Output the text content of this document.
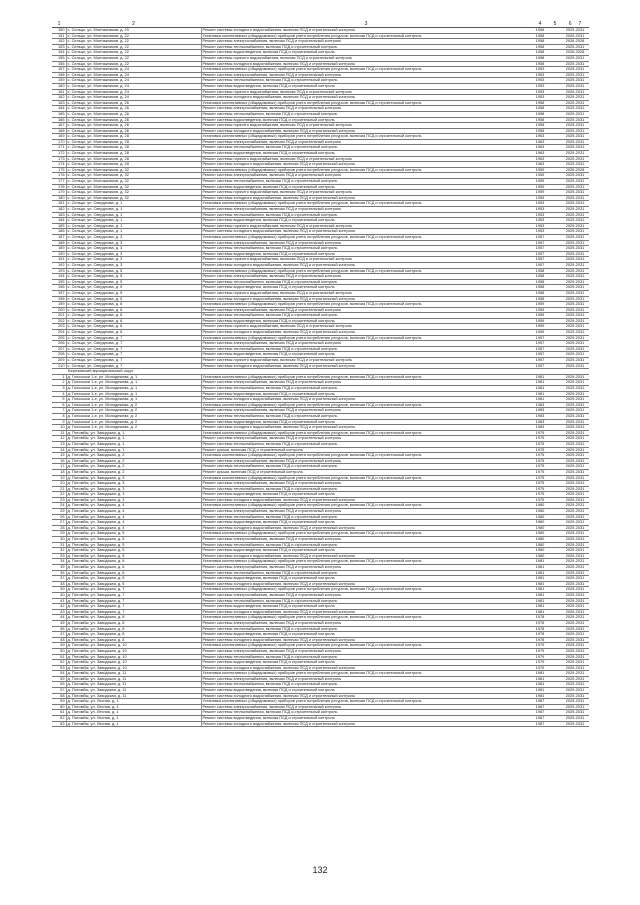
1	2	3	4	5	6 7
150	с. Сельцо, ул. Монтажников, д. 20	Ремонт системы холодного водоснабжения, включая ПСД и строительный контроль	1958		2029-2031
151	с. Сельцо, ул. Монтажников, д. 22	Установка коллективных (общедомовых) приборов учета потребления ресурсов, включая ПСД и строительный контроль	1958		2029-2031
152	с. Сельцо, ул. Монтажников, д. 22	Ремонт системы электроснабжения, включая ПСД и строительный контроль	1958		2026-2028
153	с. Сельцо, ул. Монтажников, д. 22	Ремонт системы теплоснабжения, включая ПСД и строительный контроль	1958		2029-2031
154	с. Сельцо, ул. Монтажников, д. 22	Ремонт системы водоотведения, включая ПСД и строительный контроль	1958		2026-2028
155	с. Сельцо, ул. Монтажников, д. 22	Ремонт системы горячего водоснабжения, включая ПСД и строительный контроль	1958		2029-2031
156	с. Сельцо, ул. Монтажников, д. 22	Ремонт системы холодного водоснабжения, включая ПСД и строительный контроль	1958		2029-2031
157	с. Сельцо, ул. Монтажников, д. 24	Установка коллективных (общедомовых) приборов учета потребления ресурсов, включая ПСД и строительный контроль	1953		2029-2031
158	с. Сельцо, ул. Монтажников, д. 24	Ремонт системы электроснабжения, включая ПСД и строительный контроль	1953		2029-2031
159	с. Сельцо, ул. Монтажников, д. 24	Ремонт системы теплоснабжения, включая ПСД и строительный контроль	1953		2029-2031
160	с. Сельцо, ул. Монтажников, д. 24	Ремонт системы водоотведения, включая ПСД и строительный контроль	1953		2029-2031
161	с. Сельцо, ул. Монтажников, д. 24	Ремонт системы горячего водоснабжения, включая ПСД и строительный контроль	1953		2029-2031
162	с. Сельцо, ул. Монтажников, д. 24	Ремонт системы холодного водоснабжения, включая ПСД и строительный контроль	1953		2029-2031
163	с. Сельцо, ул. Монтажников, д. 26	Установка коллективных (общедомовых) приборов учета потребления ресурсов, включая ПСД и строительный контроль	1958		2029-2031
164	с. Сельцо, ул. Монтажников, д. 26	Ремонт системы электроснабжения, включая ПСД и строительный контроль	1958		2029-2031
165	с. Сельцо, ул. Монтажников, д. 26	Ремонт системы теплоснабжения, включая ПСД и строительный контроль	1958		2029-2031
166	с. Сельцо, ул. Монтажников, д. 26	Ремонт системы водоотведения, включая ПСД и строительный контроль	1958		2029-2031
167	с. Сельцо, ул. Монтажников, д. 26	Ремонт системы горячего водоснабжения, включая ПСД и строительный контроль	1958		2029-2031
168	с. Сельцо, ул. Монтажников, д. 26	Ремонт системы холодного водоснабжения, включая ПСД и строительный контроль	1958		2029-2031
169	с. Сельцо, ул. Монтажников, д. 28	Установка коллективных (общедомовых) приборов учета потребления ресурсов, включая ПСД и строительный контроль	1963		2029-2031
170	с. Сельцо, ул. Монтажников, д. 28	Ремонт системы электроснабжения, включая ПСД и строительный контроль	1963		2029-2031
171	с. Сельцо, ул. Монтажников, д. 28	Ремонт системы теплоснабжения, включая ПСД и строительный контроль	1963		2029-2031
172	с. Сельцо, ул. Монтажников, д. 28	Ремонт системы водоотведения, включая ПСД и строительный контроль	1963		2029-2031
173	с. Сельцо, ул. Монтажников, д. 28	Ремонт системы горячего водоснабжения, включая ПСД и строительный контроль	1963		2029-2031
174	с. Сельцо, ул. Монтажников, д. 28	Ремонт системы холодного водоснабжения, включая ПСД и строительный контроль	1963		2029-2031
175	с. Сельцо, ул. Монтажников, д. 32	Установка коллективных (общедомовых) приборов учета потребления ресурсов, включая ПСД и строительный контроль	1959		2026-2028
176	с. Сельцо, ул. Монтажников, д. 32	Ремонт системы электроснабжения, включая ПСД и строительный контроль	1959		2029-2031
177	с. Сельцо, ул. Монтажников, д. 32	Ремонт системы теплоснабжения, включая ПСД и строительный контроль	1959		2029-2031
178	с. Сельцо, ул. Монтажников, д. 32	Ремонт системы водоотведения, включая ПСД и строительный контроль	1959		2029-2031
179	с. Сельцо, ул. Монтажников, д. 32	Ремонт системы горячего водоснабжения, включая ПСД и строительный контроль	1959		2029-2031
180	с. Сельцо, ул. Монтажников, д. 32	Ремонт системы холодного водоснабжения, включая ПСД и строительный контроль	1959		2029-2031
181	с. Сельцо, ул. Свердлова, д. 1	Установка коллективных (общедомовых) приборов учета потребления ресурсов, включая ПСД и строительный контроль	1953		2029-2031
182	с. Сельцо, ул. Свердлова, д. 1	Ремонт системы электроснабжения, включая ПСД и строительный контроль	1953		2029-2031
183	с. Сельцо, ул. Свердлова, д. 1	Ремонт системы теплоснабжения, включая ПСД и строительный контроль	1953		2029-2031
184	с. Сельцо, ул. Свердлова, д. 1	Ремонт системы водоотведения, включая ПСД и строительный контроль	1953		2029-2031
185	с. Сельцо, ул. Свердлова, д. 1	Ремонт системы горячего водоснабжения, включая ПСД и строительный контроль	1953		2029-2031
186	с. Сельцо, ул. Свердлова, д. 1	Ремонт системы холодного водоснабжения, включая ПСД и строительный контроль	1953		2029-2031
187	с. Сельцо, ул. Свердлова, д. 3	Установка коллективных (общедомовых) приборов учета потребления ресурсов, включая ПСД и строительный контроль	1957		2029-2031
188	с. Сельцо, ул. Свердлова, д. 3	Ремонт системы электроснабжения, включая ПСД и строительный контроль	1957		2029-2031
189	с. Сельцо, ул. Свердлова, д. 3	Ремонт системы теплоснабжения, включая ПСД и строительный контроль	1957		2029-2031
190	с. Сельцо, ул. Свердлова, д. 3	Ремонт системы водоотведения, включая ПСД и строительный контроль	1957		2029-2031
191	с. Сельцо, ул. Свердлова, д. 3	Ремонт системы горячего водоснабжения, включая ПСД и строительный контроль	1957		2029-2031
192	с. Сельцо, ул. Свердлова, д. 3	Ремонт системы холодного водоснабжения, включая ПСД и строительный контроль	1957		2029-2031
193	с. Сельцо, ул. Свердлова, д. 5	Установка коллективных (общедомовых) приборов учета потребления ресурсов, включая ПСД и строительный контроль	1958		2029-2031
194	с. Сельцо, ул. Свердлова, д. 5	Ремонт системы электроснабжения, включая ПСД и строительный контроль	1958		2029-2031
195	с. Сельцо, ул. Свердлова, д. 5	Ремонт системы теплоснабжения, включая ПСД и строительный контроль	1958		2029-2031
196	с. Сельцо, ул. Свердлова, д. 5	Ремонт системы водоотведения, включая ПСД и строительный контроль	1958		2029-2031
197	с. Сельцо, ул. Свердлова, д. 5	Ремонт системы горячего водоснабжения, включая ПСД и строительный контроль	1958		2029-2031
198	с. Сельцо, ул. Свердлова, д. 5	Ремонт системы холодного водоснабжения, включая ПСД и строительный контроль	1958		2029-2031
199	с. Сельцо, ул. Свердлова, д. 6	Установка коллективных (общедомовых) приборов учета потребления ресурсов, включая ПСД и строительный контроль	1959		2029-2031
200	с. Сельцо, ул. Свердлова, д. 6	Ремонт системы электроснабжения, включая ПСД и строительный контроль	1959		2029-2031
201	с. Сельцо, ул. Свердлова, д. 6	Ремонт системы теплоснабжения, включая ПСД и строительный контроль	1959		2029-2031
202	с. Сельцо, ул. Свердлова, д. 6	Ремонт системы водоотведения, включая ПСД и строительный контроль	1959		2029-2031
203	с. Сельцо, ул. Свердлова, д. 6	Ремонт системы горячего водоснабжения, включая ПСД и строительный контроль	1959		2029-2031
204	с. Сельцо, ул. Свердлова, д. 6	Ремонт системы холодного водоснабжения, включая ПСД и строительный контроль	1959		2029-2031
205	с. Сельцо, ул. Свердлова, д. 7	Установка коллективных (общедомовых) приборов учета потребления ресурсов, включая ПСД и строительный контроль	1957		2029-2031
206	с. Сельцо, ул. Свердлова, д. 7	Ремонт системы электроснабжения, включая ПСД и строительный контроль	1957		2029-2031
207	с. Сельцо, ул. Свердлова, д. 7	Ремонт системы теплоснабжения, включая ПСД и строительный контроль	1957		2029-2031
208	с. Сельцо, ул. Свердлова, д. 7	Ремонт системы водоотведения, включая ПСД и строительный контроль	1957		2029-2031
209	с. Сельцо, ул. Свердлова, д. 7	Ремонт системы горячего водоснабжения, включая ПСД и строительный контроль	1957		2029-2031
210	с. Сельцо, ул. Свердлова, д. 7	Ремонт системы холодного водоснабжения, включая ПСД и строительный контроль	1957		2029-2031
	Березовский муниципальный округ				
1	д. Голоскоки 1-е, ул. Молодежная, д. 1	Установка коллективных (общедомовых) приборов учета потребления ресурсов, включая ПСД и строительный контроль	1981		2029-2031
2	д. Голоскоки 1-е, ул. Молодежная, д. 1	Ремонт системы электроснабжения, включая ПСД и строительный контроль	1981		2029-2031
3	д. Голоскоки 1-е, ул. Молодежная, д. 1	Ремонт системы теплоснабжения, включая ПСД и строительный контроль	1981		2029-2031
4	д. Голоскоки 1-е, ул. Молодежная, д. 1	Ремонт системы водоотведения, включая ПСД и строительный контроль	1981		2029-2031
5	д. Голоскоки 1-е, ул. Молодежная, д. 1	Ремонт системы холодного водоснабжения, включая ПСД и строительный контроль	1981		2029-2031
6	д. Голоскоки 1-е, ул. Молодежная, д. 2	Установка коллективных (общедомовых) приборов учета потребления ресурсов, включая ПСД и строительный контроль	1983		2029-2031
7	д. Голоскоки 1-е, ул. Молодежная, д. 2	Ремонт системы электроснабжения, включая ПСД и строительный контроль	1983		2029-2031
8	д. Голоскоки 1-е, ул. Молодежная, д. 2	Ремонт системы теплоснабжения, включая ПСД и строительный контроль	1983		2029-2031
9	д. Голоскоки 1-е, ул. Молодежная, д. 2	Ремонт системы водоотведения, включая ПСД и строительный контроль	1983		2029-2031
10	д. Голоскоки 1-е, ул. Молодежная, д. 2	Ремонт системы холодного водоснабжения, включая ПСД и строительный контроль	1983		2029-2031
11	д. Потомбы, ул. Заводская, д. 1	Установка коллективных (общедомовых) приборов учета потребления ресурсов, включая ПСД и строительный контроль	1975		2029-2031
12	д. Потомбы, ул. Заводская, д. 1	Ремонт системы электроснабжения, включая ПСД и строительный контроль	1975		2029-2031
13	д. Потомбы, ул. Заводская, д. 1	Ремонт системы теплоснабжения, включая ПСД и строительный контроль	1975		2029-2031
14	д. Потомбы, ул. Заводская, д. 1	Ремонт крыши, включая ПСД и строительный контроль	1975		2029-2031
15	д. Потомбы, ул. Заводская, д. 2	Установка коллективных (общедомовых) приборов учета потребления ресурсов, включая ПСД и строительный контроль	1975		2029-2031
16	д. Потомбы, ул. Заводская, д. 2	Ремонт системы электроснабжения, включая ПСД и строительный контроль	1975		2029-2031
17	д. Потомбы, ул. Заводская, д. 2	Ремонт системы теплоснабжения, включая ПСД и строительный контроль	1975		2029-2031
18	д. Потомбы, ул. Заводская, д. 2	Ремонт крыши, включая ПСД и строительный контроль	1975		2029-2031
19	д. Потомбы, ул. Заводская, д. 3	Установка коллективных (общедомовых) приборов учета потребления ресурсов, включая ПСД и строительный контроль	1975		2029-2031
20	д. Потомбы, ул. Заводская, д. 3	Ремонт системы электроснабжения, включая ПСД и строительный контроль	1975		2029-2031
21	д. Потомбы, ул. Заводская, д. 3	Ремонт системы теплоснабжения, включая ПСД и строительный контроль	1975		2029-2031
22	д. Потомбы, ул. Заводская, д. 3	Ремонт системы водоотведения, включая ПСД и строительный контроль	1975		2029-2031
23	д. Потомбы, ул. Заводская, д. 3	Ремонт системы холодного водоснабжения, включая ПСД и строительный контроль	1975		2029-2031
24	д. Потомбы, ул. Заводская, д. 4	Установка коллективных (общедомовых) приборов учета потребления ресурсов, включая ПСД и строительный контроль	1980		2029-2031
25	д. Потомбы, ул. Заводская, д. 4	Ремонт системы электроснабжения, включая ПСД и строительный контроль	1980		2029-2031
26	д. Потомбы, ул. Заводская, д. 4	Ремонт системы теплоснабжения, включая ПСД и строительный контроль	1980		2029-2031
27	д. Потомбы, ул. Заводская, д. 4	Ремонт системы водоотведения, включая ПСД и строительный контроль	1980		2029-2031
28	д. Потомбы, ул. Заводская, д. 4	Ремонт системы холодного водоснабжения, включая ПСД и строительный контроль	1980		2029-2031
29	д. Потомбы, ул. Заводская, д. 5	Установка коллективных (общедомовых) приборов учета потребления ресурсов, включая ПСД и строительный контроль	1980		2029-2031
30	д. Потомбы, ул. Заводская, д. 5	Ремонт системы электроснабжения, включая ПСД и строительный контроль	1980		2029-2031
31	д. Потомбы, ул. Заводская, д. 5	Ремонт системы теплоснабжения, включая ПСД и строительный контроль	1980		2029-2031
32	д. Потомбы, ул. Заводская, д. 5	Ремонт системы водоотведения, включая ПСД и строительный контроль	1980		2029-2031
33	д. Потомбы, ул. Заводская, д. 5	Ремонт системы холодного водоснабжения, включая ПСД и строительный контроль	1980		2029-2031
34	д. Потомбы, ул. Заводская, д. 6	Установка коллективных (общедомовых) приборов учета потребления ресурсов, включая ПСД и строительный контроль	1981		2029-2031
35	д. Потомбы, ул. Заводская, д. 6	Ремонт системы электроснабжения, включая ПСД и строительный контроль	1981		2029-2031
36	д. Потомбы, ул. Заводская, д. 6	Ремонт системы теплоснабжения, включая ПСД и строительный контроль	1981		2029-2031
37	д. Потомбы, ул. Заводская, д. 6	Ремонт системы водоотведения, включая ПСД и строительный контроль	1981		2029-2031
38	д. Потомбы, ул. Заводская, д. 6	Ремонт системы холодного водоснабжения, включая ПСД и строительный контроль	1981		2029-2031
39	д. Потомбы, ул. Заводская, д. 7	Установка коллективных (общедомовых) приборов учета потребления ресурсов, включая ПСД и строительный контроль	1981		2029-2031
40	д. Потомбы, ул. Заводская, д. 7	Ремонт системы электроснабжения, включая ПСД и строительный контроль	1981		2029-2031
41	д. Потомбы, ул. Заводская, д. 7	Ремонт системы теплоснабжения, включая ПСД и строительный контроль	1981		2029-2031
42	д. Потомбы, ул. Заводская, д. 7	Ремонт системы водоотведения, включая ПСД и строительный контроль	1981		2029-2031
43	д. Потомбы, ул. Заводская, д. 7	Ремонт системы холодного водоснабжения, включая ПСД и строительный контроль	1981		2029-2031
44	д. Потомбы, ул. Заводская, д. 8	Установка коллективных (общедомовых) приборов учета потребления ресурсов, включая ПСД и строительный контроль	1978		2029-2031
45	д. Потомбы, ул. Заводская, д. 8	Ремонт системы электроснабжения, включая ПСД и строительный контроль	1978		2029-2031
46	д. Потомбы, ул. Заводская, д. 8	Ремонт системы теплоснабжения, включая ПСД и строительный контроль	1978		2029-2031
47	д. Потомбы, ул. Заводская, д. 8	Ремонт системы водоотведения, включая ПСД и строительный контроль	1978		2029-2031
48	д. Потомбы, ул. Заводская, д. 8	Ремонт системы холодного водоснабжения, включая ПСД и строительный контроль	1978		2029-2031
49	д. Потомбы, ул. Заводская, д. 10	Установка коллективных (общедомовых) приборов учета потребления ресурсов, включая ПСД и строительный контроль	1979		2029-2031
50	д. Потомбы, ул. Заводская, д. 10	Ремонт системы электроснабжения, включая ПСД и строительный контроль	1979		2029-2031
51	д. Потомбы, ул. Заводская, д. 10	Ремонт системы теплоснабжения, включая ПСД и строительный контроль	1979		2029-2031
52	д. Потомбы, ул. Заводская, д. 10	Ремонт системы водоотведения, включая ПСД и строительный контроль	1979		2029-2031
53	д. Потомбы, ул. Заводская, д. 10	Ремонт системы холодного водоснабжения, включая ПСД и строительный контроль	1979		2029-2031
54	д. Потомбы, ул. Заводская, д. 11	Установка коллективных (общедомовых) приборов учета потребления ресурсов, включая ПСД и строительный контроль	1981		2029-2031
55	д. Потомбы, ул. Заводская, д. 11	Ремонт системы электроснабжения, включая ПСД и строительный контроль	1981		2029-2031
56	д. Потомбы, ул. Заводская, д. 11	Ремонт системы теплоснабжения, включая ПСД и строительный контроль	1981		2029-2031
57	д. Потомбы, ул. Заводская, д. 11	Ремонт системы водоотведения, включая ПСД и строительный контроль	1981		2029-2031
58	д. Потомбы, ул. Заводская, д. 11	Ремонт системы холодного водоснабжения, включая ПСД и строительный контроль	1981		2029-2031
59	д. Потомбы, ул. Лесная, д. 1	Установка коллективных (общедомовых) приборов учета потребления ресурсов, включая ПСД и строительный контроль	1987		2029-2031
60	д. Потомбы, ул. Лесная, д. 1	Ремонт системы электроснабжения, включая ПСД и строительный контроль	1987		2029-2031
61	д. Потомбы, ул. Лесная, д. 1	Ремонт системы теплоснабжения, включая ПСД и строительный контроль	1987		2029-2031
62	д. Потомбы, ул. Лесная, д. 1	Ремонт системы водоотведения, включая ПСД и строительный контроль	1987		2029-2031
63	д. Потомбы, ул. Лесная, д. 1	Ремонт системы холодного водоснабжения, включая ПСД и строительный контроль	1987		2029-2031
132
